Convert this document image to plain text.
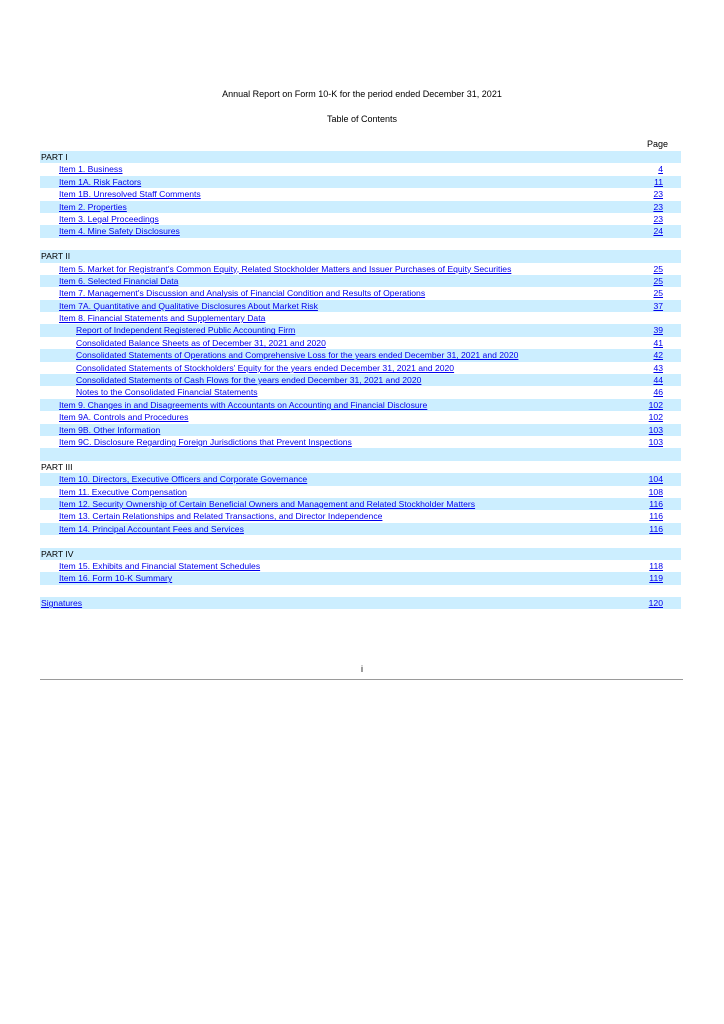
Annual Report on Form 10-K for the period ended December 31, 2021
Table of Contents
Page
PART I
Item 1. Business	4
Item 1A. Risk Factors	11
Item 1B. Unresolved Staff Comments	23
Item 2. Properties	23
Item 3. Legal Proceedings	23
Item 4. Mine Safety Disclosures	24
PART II
Item 5. Market for Registrant's Common Equity, Related Stockholder Matters and Issuer Purchases of Equity Securities	25
Item 6. Selected Financial Data	25
Item 7. Management's Discussion and Analysis of Financial Condition and Results of Operations	25
Item 7A. Quantitative and Qualitative Disclosures About Market Risk	37
Item 8. Financial Statements and Supplementary Data
Report of Independent Registered Public Accounting Firm	39
Consolidated Balance Sheets as of December 31, 2021 and 2020	41
Consolidated Statements of Operations and Comprehensive Loss for the years ended December 31, 2021 and 2020	42
Consolidated Statements of Stockholders' Equity for the years ended December 31, 2021 and 2020	43
Consolidated Statements of Cash Flows for the years ended December 31, 2021 and 2020	44
Notes to the Consolidated Financial Statements	46
Item 9. Changes in and Disagreements with Accountants on Accounting and Financial Disclosure	102
Item 9A. Controls and Procedures	102
Item 9B. Other Information	103
Item 9C. Disclosure Regarding Foreign Jurisdictions that Prevent Inspections	103
PART III
Item 10. Directors, Executive Officers and Corporate Governance	104
Item 11. Executive Compensation	108
Item 12. Security Ownership of Certain Beneficial Owners and Management and Related Stockholder Matters	116
Item 13. Certain Relationships and Related Transactions, and Director Independence	116
Item 14. Principal Accountant Fees and Services	116
PART IV
Item 15. Exhibits and Financial Statement Schedules	118
Item 16. Form 10-K Summary	119
Signatures	120
i
